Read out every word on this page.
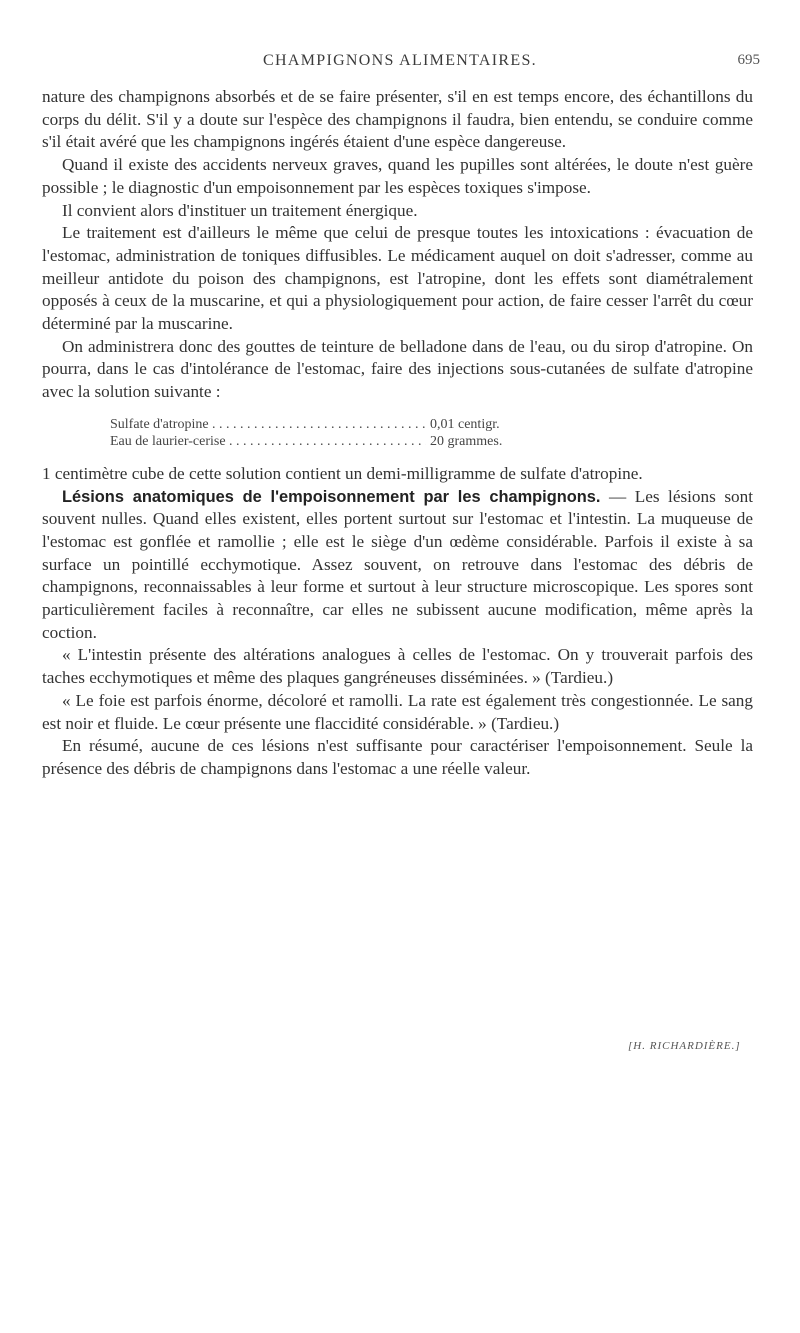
CHAMPIGNONS ALIMENTAIRES.	695

nature des champignons absorbés et de se faire présenter, s'il en est temps encore, des échantillons du corps du délit. S'il y a doute sur l'espèce des champignons il faudra, bien entendu, se conduire comme s'il était avéré que les champignons ingérés étaient d'une espèce dangereuse.

Quand il existe des accidents nerveux graves, quand les pupilles sont altérées, le doute n'est guère possible ; le diagnostic d'un empoisonnement par les espèces toxiques s'impose.

Il convient alors d'instituer un traitement énergique.

Le traitement est d'ailleurs le même que celui de presque toutes les intoxications : évacuation de l'estomac, administration de toniques diffusibles. Le médicament auquel on doit s'adresser, comme au meilleur antidote du poison des champignons, est l'atropine, dont les effets sont diamétralement opposés à ceux de la muscarine, et qui a physiologiquement pour action, de faire cesser l'arrêt du cœur déterminé par la muscarine.

On administrera donc des gouttes de teinture de belladone dans de l'eau, ou du sirop d'atropine. On pourra, dans le cas d'intolérance de l'estomac, faire des injections sous-cutanées de sulfate d'atropine avec la solution suivante :

Sulfate d'atropine . . .	0,01 centigr.
Eau de laurier-cerise . . .	20 grammes.

1 centimètre cube de cette solution contient un demi-milligramme de sulfate d'atropine.

Lésions anatomiques de l'empoisonnement par les champignons. — Les lésions sont souvent nulles. Quand elles existent, elles portent surtout sur l'estomac et l'intestin. La muqueuse de l'estomac est gonflée et ramollie ; elle est le siège d'un œdème considérable. Parfois il existe à sa surface un pointillé ecchymotique. Assez souvent, on retrouve dans l'estomac des débris de champignons, reconnaissables à leur forme et surtout à leur structure microscopique. Les spores sont particulièrement faciles à reconnaître, car elles ne subissent aucune modification, même après la coction.

« L'intestin présente des altérations analogues à celles de l'estomac. On y trouverait parfois des taches ecchymotiques et même des plaques gangréneuses disséminées. » (Tardieu.)

« Le foie est parfois énorme, décoloré et ramolli. La rate est également très congestionnée. Le sang est noir et fluide. Le cœur présente une flaccidité considérable. » (Tardieu.)

En résumé, aucune de ces lésions n'est suffisante pour caractériser l'empoisonnement. Seule la présence des débris de champignons dans l'estomac a une réelle valeur.

[H. RICHARDIÈRE.]
